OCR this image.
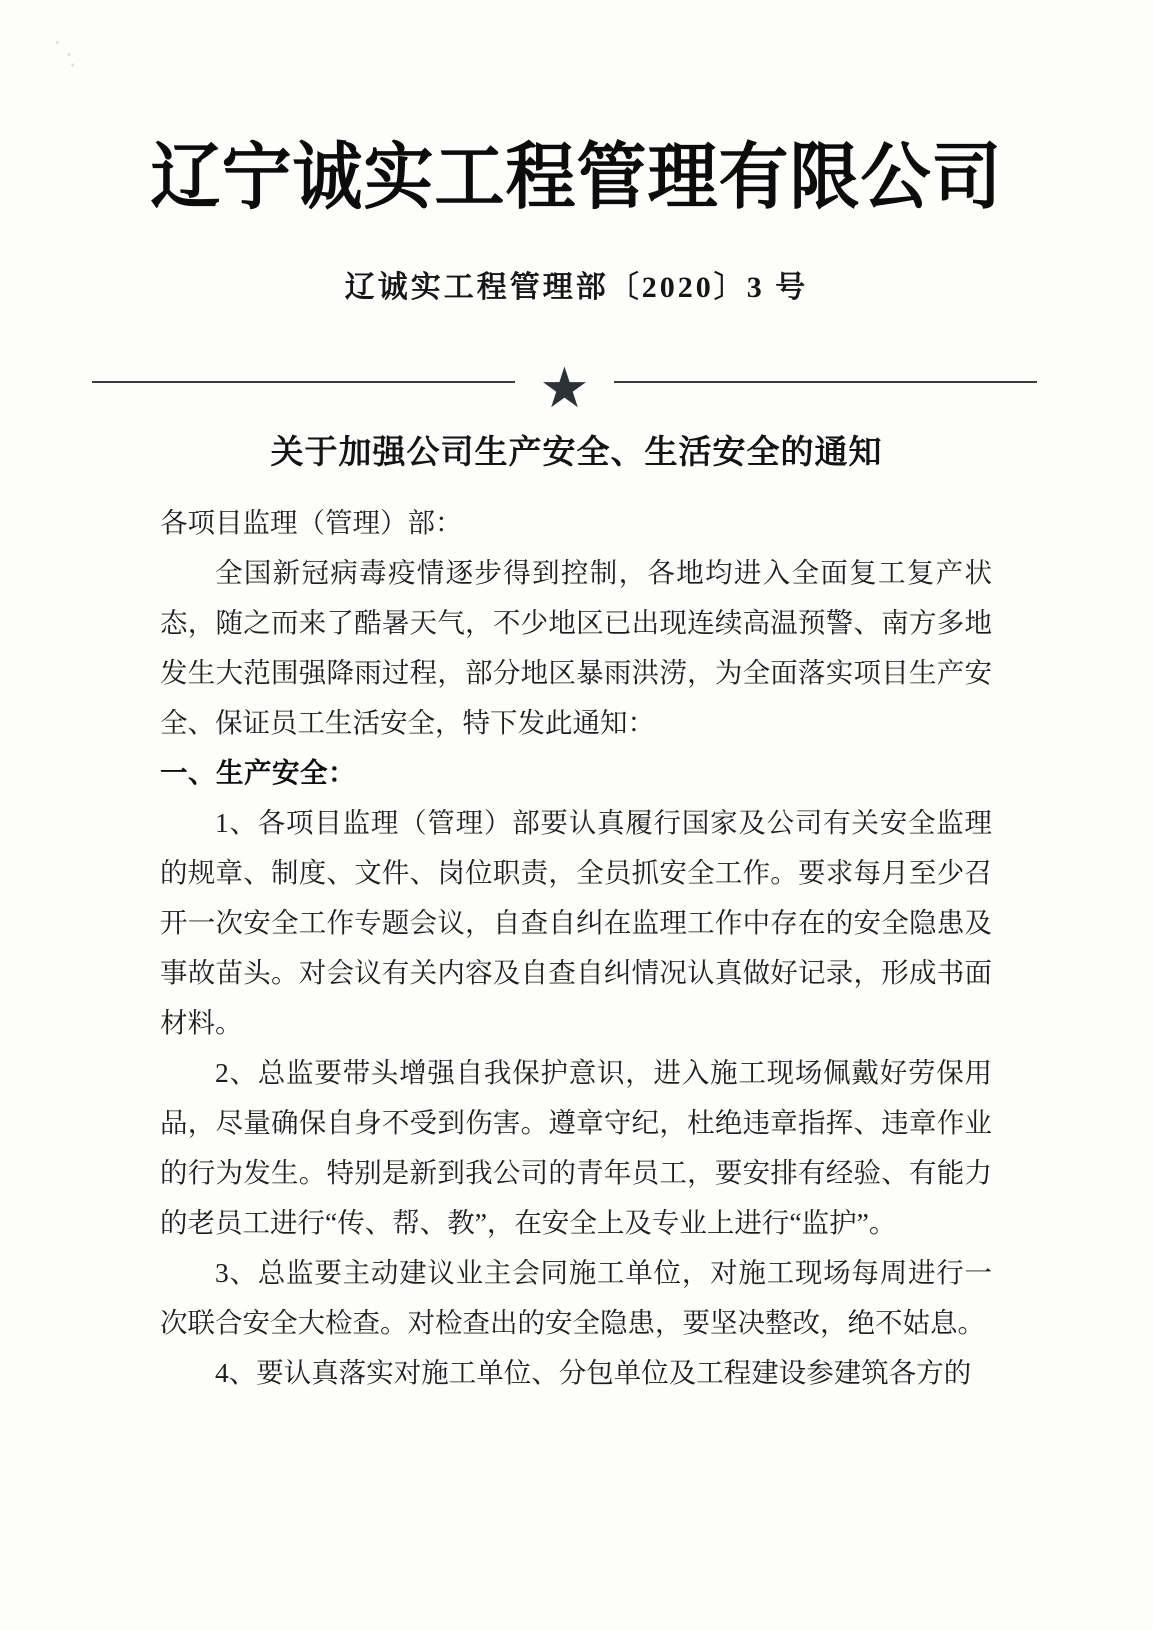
辽宁诚实工程管理有限公司
辽诚实工程管理部〔2020〕3 号
★
关于加强公司生产安全、生活安全的通知

各项目监理（管理）部：

全国新冠病毒疫情逐步得到控制，各地均进入全面复工复产状态，随之而来了酷暑天气，不少地区已出现连续高温预警、南方多地发生大范围强降雨过程，部分地区暴雨洪涝，为全面落实项目生产安全、保证员工生活安全，特下发此通知：

一、生产安全：

1、各项目监理（管理）部要认真履行国家及公司有关安全监理的规章、制度、文件、岗位职责，全员抓安全工作。要求每月至少召开一次安全工作专题会议，自查自纠在监理工作中存在的安全隐患及事故苗头。对会议有关内容及自查自纠情况认真做好记录，形成书面材料。

2、总监要带头增强自我保护意识，进入施工现场佩戴好劳保用品，尽量确保自身不受到伤害。遵章守纪，杜绝违章指挥、违章作业的行为发生。特别是新到我公司的青年员工，要安排有经验、有能力的老员工进行“传、帮、教”，在安全上及专业上进行“监护”。

3、总监要主动建议业主会同施工单位，对施工现场每周进行一次联合安全大检查。对检查出的安全隐患，要坚决整改，绝不姑息。

4、要认真落实对施工单位、分包单位及工程建设参建筑各方的
